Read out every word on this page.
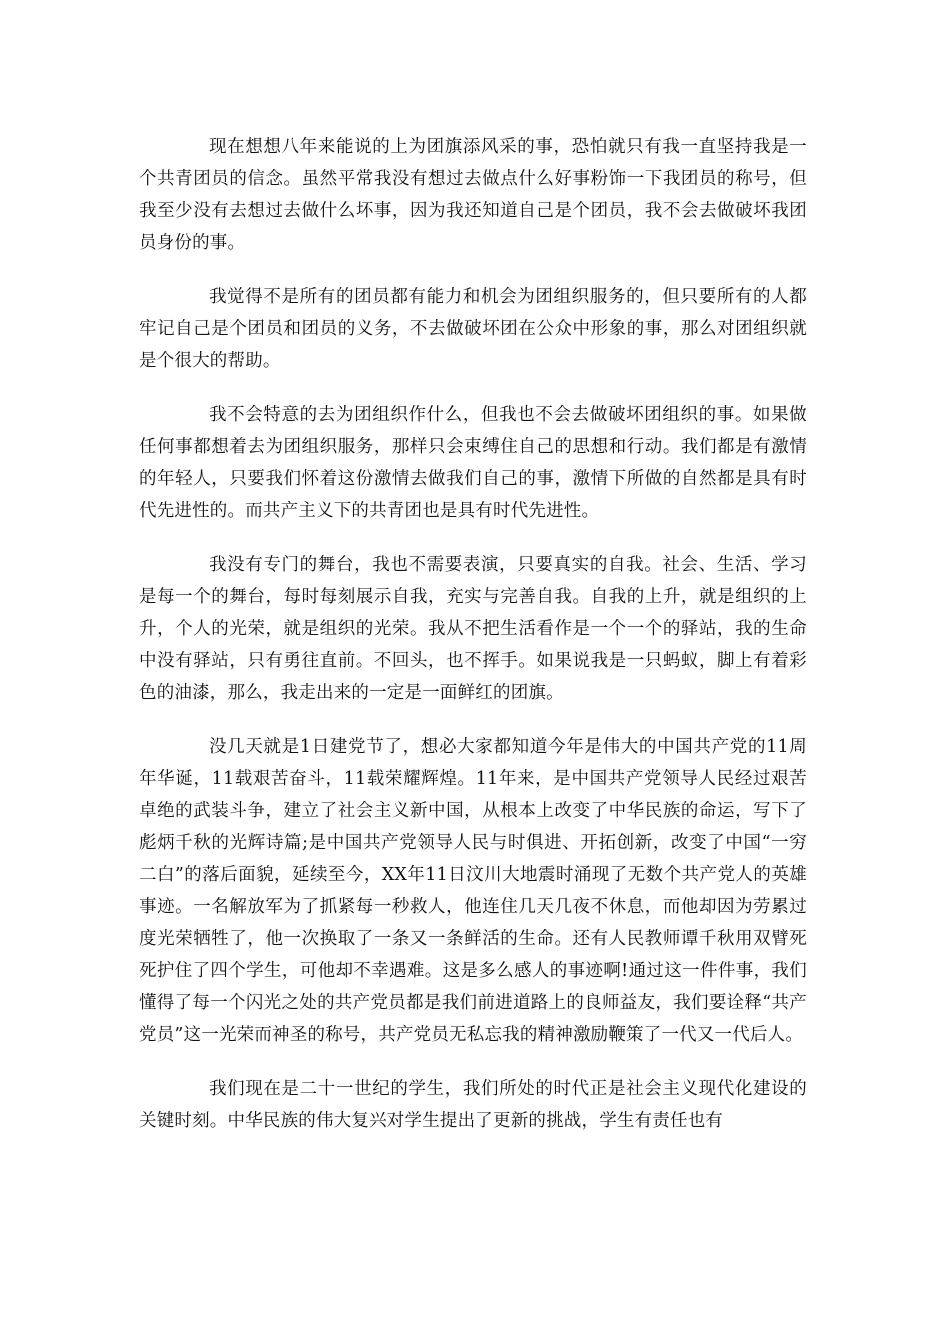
现在想想八年来能说的上为团旗添风采的事，恐怕就只有我一直坚持我是一个共青团员的信念。虽然平常我没有想过去做点什么好事粉饰一下我团员的称号，但我至少没有去想过去做什么坏事，因为我还知道自己是个团员，我不会去做破坏我团员身份的事。

我觉得不是所有的团员都有能力和机会为团组织服务的，但只要所有的人都牢记自己是个团员和团员的义务，不去做破坏团在公众中形象的事，那么对团组织就是个很大的帮助。

我不会特意的去为团组织作什么，但我也不会去做破坏团组织的事。如果做任何事都想着去为团组织服务，那样只会束缚住自己的思想和行动。我们都是有激情的年轻人，只要我们怀着这份激情去做我们自己的事，激情下所做的自然都是具有时代先进性的。而共产主义下的共青团也是具有时代先进性。

我没有专门的舞台，我也不需要表演，只要真实的自我。社会、生活、学习是每一个的舞台，每时每刻展示自我，充实与完善自我。自我的上升，就是组织的上升，个人的光荣，就是组织的光荣。我从不把生活看作是一个一个的驿站，我的生命中没有驿站，只有勇往直前。不回头，也不挥手。如果说我是一只蚂蚁，脚上有着彩色的油漆，那么，我走出来的一定是一面鲜红的团旗。

没几天就是1日建党节了，想必大家都知道今年是伟大的中国共产党的11周年华诞，11载艰苦奋斗，11载荣耀辉煌。11年来，是中国共产党领导人民经过艰苦卓绝的武装斗争，建立了社会主义新中国，从根本上改变了中华民族的命运，写下了彪炳千秋的光辉诗篇;是中国共产党领导人民与时俱进、开拓创新，改变了中国“一穷二白”的落后面貌，延续至今，XX年11日汶川大地震时涌现了无数个共产党人的英雄事迹。一名解放军为了抓紧每一秒救人，他连住几天几夜不休息，而他却因为劳累过度光荣牺牲了，他一次换取了一条又一条鲜活的生命。还有人民教师谭千秋用双臂死死护住了四个学生，可他却不幸遇难。这是多么感人的事迹啊!通过这一件件事，我们懂得了每一个闪光之处的共产党员都是我们前进道路上的良师益友，我们要诠释“共产党员”这一光荣而神圣的称号，共产党员无私忘我的精神激励鞭策了一代又一代后人。

我们现在是二十一世纪的学生，我们所处的时代正是社会主义现代化建设的关键时刻。中华民族的伟大复兴对学生提出了更新的挑战，学生有责任也有
